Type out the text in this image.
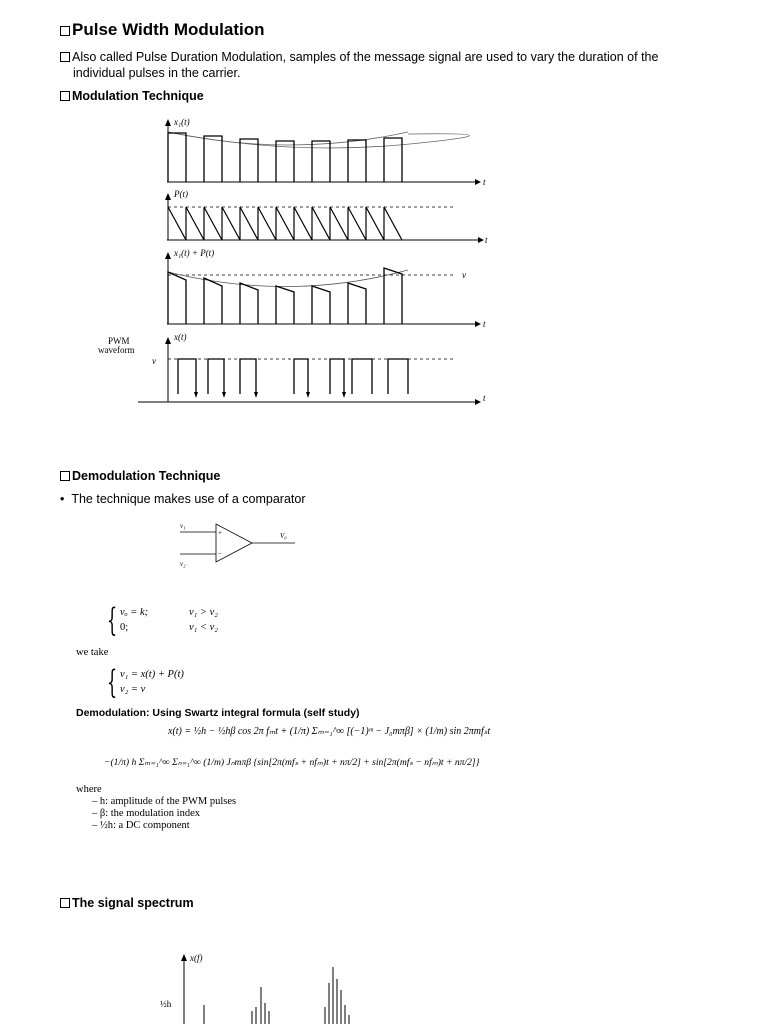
Pulse Width Modulation
Also called Pulse Duration Modulation, samples of the message signal are used to vary the duration of the
individual pulses in the carrier.
Modulation Technique
x₁(t)
t
P(t)
t
x₁(t) + P(t)
t
v
PWM
waveform
x(t)
t
v
Demodulation Technique
•  The technique makes use of a comparator
v₁
v₂
+
−
V₀
{ vₒ = k;	v₁ > v₂
0;	v₁ < v₂
we take
{ v₁ = x(t) + P(t)
v₂ = v
Demodulation: Using Swartz integral formula (self study)
x(t) = ½h − ½hβ cos 2π fₘt + (1/π) Σₘ₌₁^∞ [(−1)ᵐ − J₀mπβ] × (1/m) sin 2πmfₛt
−(1/π) h Σₘ₌₁^∞ Σₙ₌₁^∞ (1/m) Jₙmπβ {sin[2π(mfₛ + nfₘ)t + nπ/2] + sin[2π(mfₛ − nfₘ)t + nπ/2]}
where
– h: amplitude of the PWM pulses
– β: the modulation index
– ½h: a DC component
The signal spectrum
x(f)
½h
